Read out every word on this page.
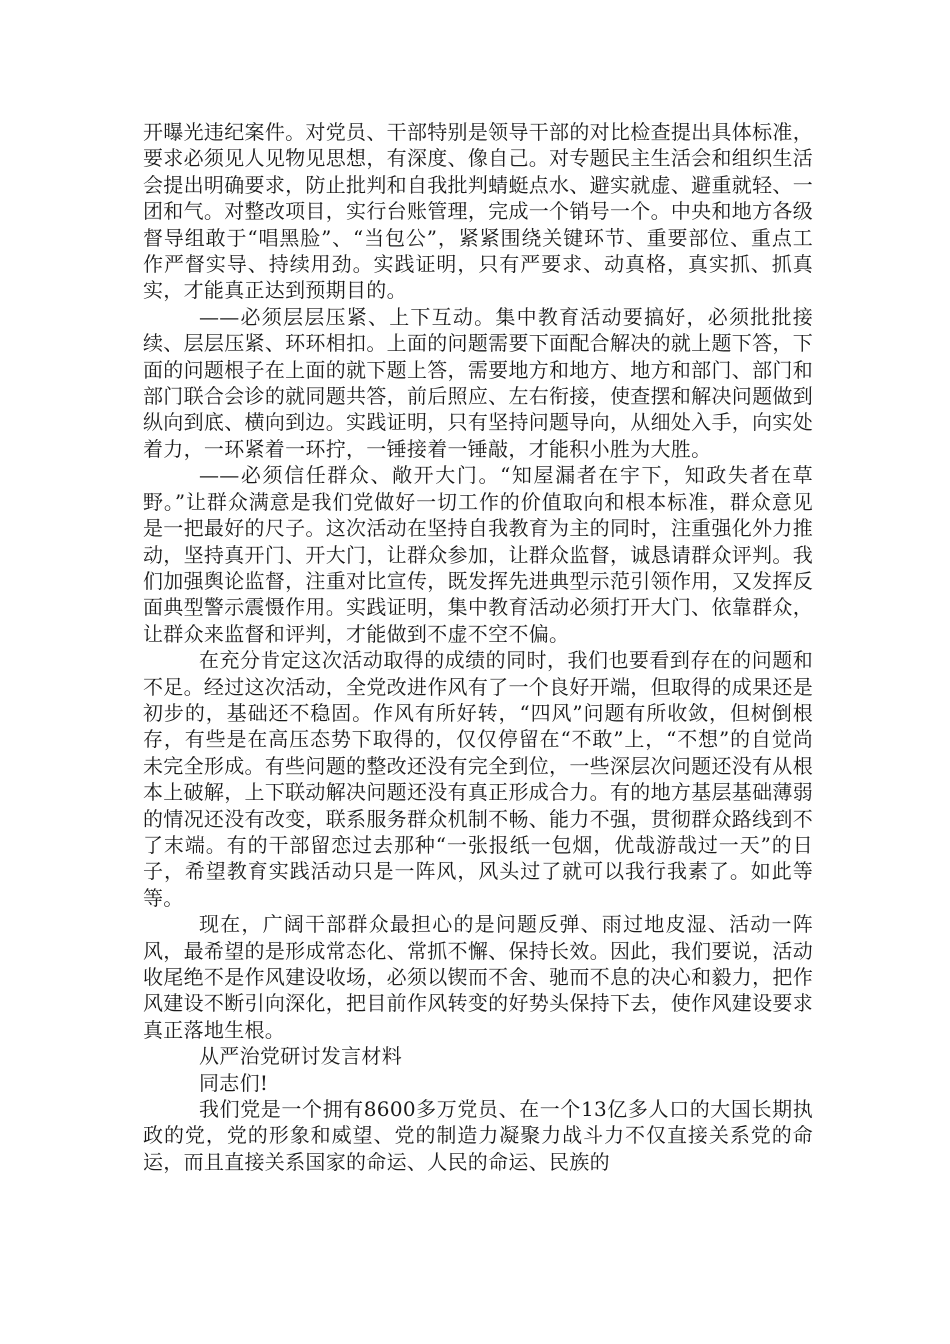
开曝光违纪案件。对党员、干部特别是领导干部的对比检查提出具体标准，要求必须见人见物见思想，有深度、像自己。对专题民主生活会和组织生活会提出明确要求，防止批判和自我批判蜻蜓点水、避实就虚、避重就轻、一团和气。对整改项目，实行台账管理，完成一个销号一个。中央和地方各级督导组敢于“唱黑脸”、“当包公”，紧紧围绕关键环节、重要部位、重点工作严督实导、持续用劲。实践证明，只有严要求、动真格，真实抓、抓真实，才能真正达到预期目的。

——必须层层压紧、上下互动。集中教育活动要搞好，必须批批接续、层层压紧、环环相扣。上面的问题需要下面配合解决的就上题下答，下面的问题根子在上面的就下题上答，需要地方和地方、地方和部门、部门和部门联合会诊的就同题共答，前后照应、左右衔接，使查摆和解决问题做到纵向到底、横向到边。实践证明，只有坚持问题导向，从细处入手，向实处着力，一环紧着一环拧，一锤接着一锤敲，才能积小胜为大胜。

——必须信任群众、敞开大门。“知屋漏者在宇下，知政失者在草野。”让群众满意是我们党做好一切工作的价值取向和根本标准，群众意见是一把最好的尺子。这次活动在坚持自我教育为主的同时，注重强化外力推动，坚持真开门、开大门，让群众参加，让群众监督，诚恳请群众评判。我们加强舆论监督，注重对比宣传，既发挥先进典型示范引领作用，又发挥反面典型警示震慑作用。实践证明，集中教育活动必须打开大门、依靠群众，让群众来监督和评判，才能做到不虚不空不偏。

在充分肯定这次活动取得的成绩的同时，我们也要看到存在的问题和不足。经过这次活动，全党改进作风有了一个良好开端，但取得的成果还是初步的，基础还不稳固。作风有所好转，“四风”问题有所收敛，但树倒根存，有些是在高压态势下取得的，仅仅停留在“不敢”上，“不想”的自觉尚未完全形成。有些问题的整改还没有完全到位，一些深层次问题还没有从根本上破解，上下联动解决问题还没有真正形成合力。有的地方基层基础薄弱的情况还没有改变，联系服务群众机制不畅、能力不强，贯彻群众路线到不了末端。有的干部留恋过去那种“一张报纸一包烟，优哉游哉过一天”的日子，希望教育实践活动只是一阵风，风头过了就可以我行我素了。如此等等。

现在，广阔干部群众最担心的是问题反弹、雨过地皮湿、活动一阵风，最希望的是形成常态化、常抓不懈、保持长效。因此，我们要说，活动收尾绝不是作风建设收场，必须以锲而不舍、驰而不息的决心和毅力，把作风建设不断引向深化，把目前作风转变的好势头保持下去，使作风建设要求真正落地生根。

从严治党研讨发言材料

同志们!

我们党是一个拥有8600多万党员、在一个13亿多人口的大国长期执政的党，党的形象和威望、党的制造力凝聚力战斗力不仅直接关系党的命运，而且直接关系国家的命运、人民的命运、民族的
